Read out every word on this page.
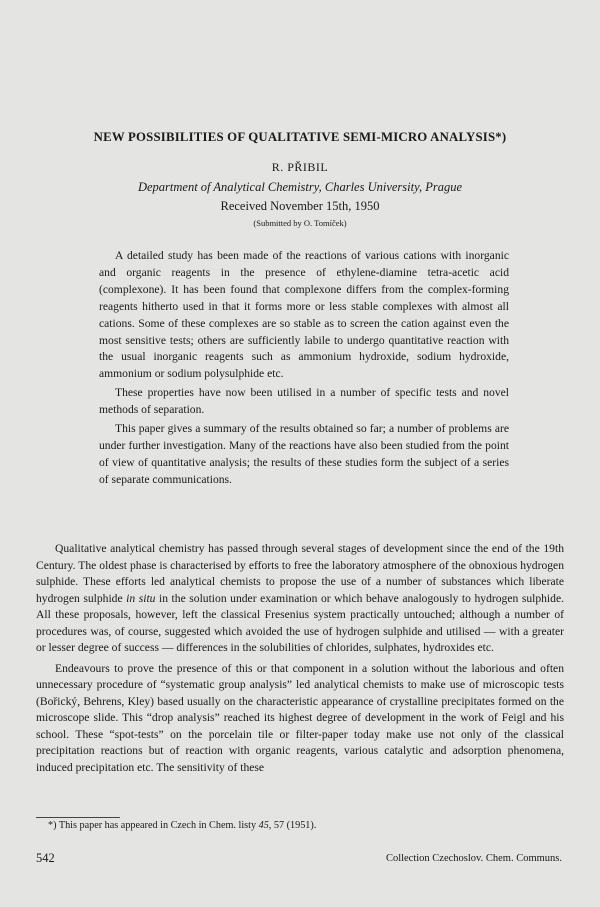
NEW POSSIBILITIES OF QUALITATIVE SEMI-MICRO ANALYSIS*)
R. PŘIBIL
Department of Analytical Chemistry, Charles University, Prague
Received November 15th, 1950
(Submitted by O. Tomíček)

A detailed study has been made of the reactions of various cations with inorganic and organic reagents in the presence of ethylene-diamine tetra-acetic acid (complexone). It has been found that complexone differs from the complex-forming reagents hitherto used in that it forms more or less stable complexes with almost all cations. Some of these complexes are so stable as to screen the cation against even the most sensitive tests; others are sufficiently labile to undergo quantitative reaction with the usual inorganic reagents such as ammonium hydroxide, sodium hydroxide, ammonium or sodium polysulphide etc.

These properties have now been utilised in a number of specific tests and novel methods of separation.

This paper gives a summary of the results obtained so far; a number of problems are under further investigation. Many of the reactions have also been studied from the point of view of quantitative analysis; the results of these studies form the subject of a series of separate communications.

Qualitative analytical chemistry has passed through several stages of development since the end of the 19th Century. The oldest phase is characterised by efforts to free the laboratory atmosphere of the obnoxious hydrogen sulphide. These efforts led analytical chemists to propose the use of a number of substances which liberate hydrogen sulphide in situ in the solution under examination or which behave analogously to hydrogen sulphide. All these proposals, however, left the classical Fresenius system practically untouched; although a number of procedures was, of course, suggested which avoided the use of hydrogen sulphide and utilised — with a greater or lesser degree of success — differences in the solubilities of chlorides, sulphates, hydroxides etc.

Endeavours to prove the presence of this or that component in a solution without the laborious and often unnecessary procedure of “systematic group analysis” led analytical chemists to make use of microscopic tests (Bořický, Behrens, Kley) based usually on the characteristic appearance of crystalline precipitates formed on the microscope slide. This “drop analysis” reached its highest degree of development in the work of Feigl and his school. These “spot-tests” on the porcelain tile or filter-paper today make use not only of the classical precipitation reactions but of reaction with organic reagents, various catalytic and adsorption phenomena, induced precipitation etc. The sensitivity of these

*) This paper has appeared in Czech in Chem. listy 45, 57 (1951).
542	Collection Czechoslov. Chem. Communs.
